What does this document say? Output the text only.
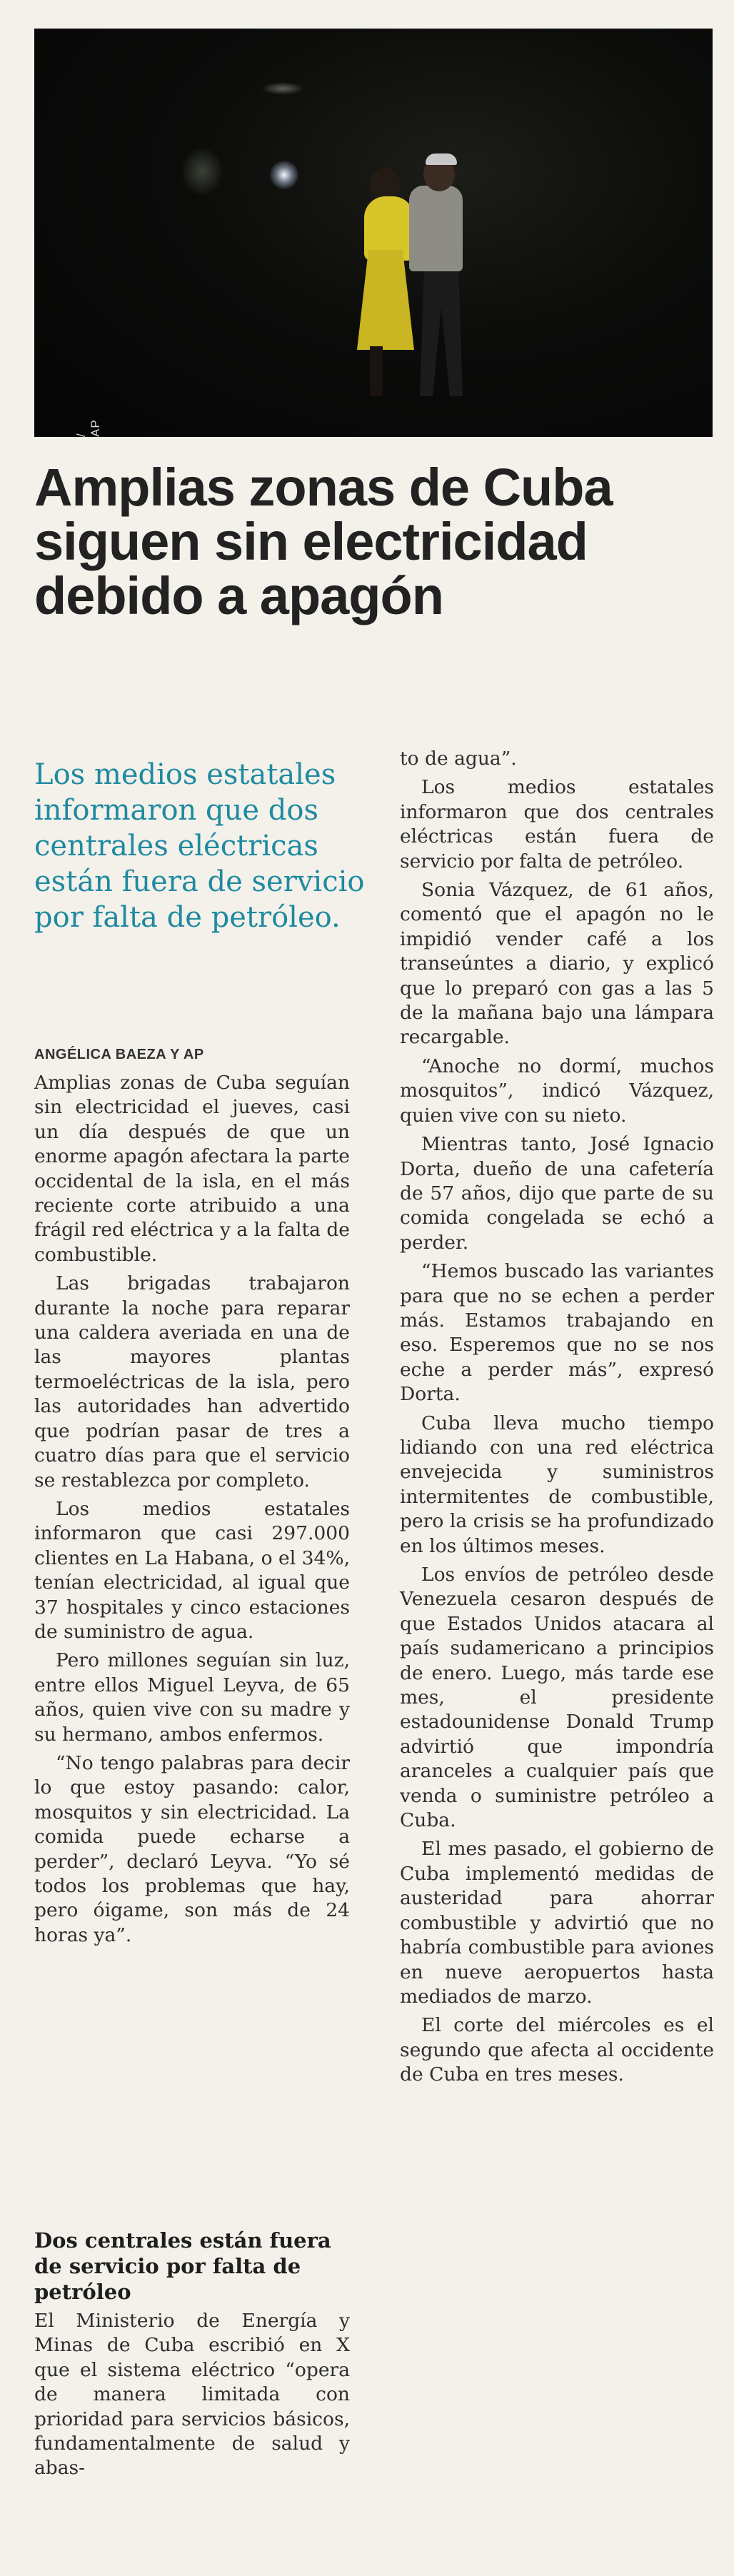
/ AP
Amplias zonas de Cuba siguen sin electricidad debido a apagón
Los medios estatales informaron que dos centrales eléctricas están fuera de servicio por falta de petróleo.
ANGÉLICA BAEZA Y AP

Amplias zonas de Cuba seguían sin electricidad el jueves, casi un día después de que un enorme apagón afectara la parte occidental de la isla, en el más reciente corte atribuido a una frágil red eléctrica y a la falta de combustible.

Las brigadas trabajaron durante la noche para reparar una caldera averiada en una de las mayores plantas termoeléctricas de la isla, pero las autoridades han advertido que podrían pasar de tres a cuatro días para que el servicio se restablezca por completo.

Los medios estatales informaron que casi 297.000 clientes en La Habana, o el 34%, tenían electricidad, al igual que 37 hospitales y cinco estaciones de suministro de agua.

Pero millones seguían sin luz, entre ellos Miguel Leyva, de 65 años, quien vive con su madre y su hermano, ambos enfermos.

“No tengo palabras para decir lo que estoy pasando: calor, mosquitos y sin electricidad. La comida puede echarse a perder”, declaró Leyva. “Yo sé todos los problemas que hay, pero óigame, son más de 24 horas ya”.

Dos centrales están fuera de servicio por falta de petróleo

El Ministerio de Energía y Minas de Cuba escribió en X que el sistema eléctrico “opera de manera limitada con prioridad para servicios básicos, fundamentalmente de salud y abas-

to de agua”.

Los medios estatales informaron que dos centrales eléctricas están fuera de servicio por falta de petróleo.

Sonia Vázquez, de 61 años, comentó que el apagón no le impidió vender café a los transeúntes a diario, y explicó que lo preparó con gas a las 5 de la mañana bajo una lámpara recargable.

“Anoche no dormí, muchos mosquitos”, indicó Vázquez, quien vive con su nieto.

Mientras tanto, José Ignacio Dorta, dueño de una cafetería de 57 años, dijo que parte de su comida congelada se echó a perder.

“Hemos buscado las variantes para que no se echen a perder más. Estamos trabajando en eso. Esperemos que no se nos eche a perder más”, expresó Dorta.

Cuba lleva mucho tiempo lidiando con una red eléctrica envejecida y suministros intermitentes de combustible, pero la crisis se ha profundizado en los últimos meses.

Los envíos de petróleo desde Venezuela cesaron después de que Estados Unidos atacara al país sudamericano a principios de enero. Luego, más tarde ese mes, el presidente estadounidense Donald Trump advirtió que impondría aranceles a cualquier país que venda o suministre petróleo a Cuba.

El mes pasado, el gobierno de Cuba implementó medidas de austeridad para ahorrar combustible y advirtió que no habría combustible para aviones en nueve aeropuertos hasta mediados de marzo.

El corte del miércoles es el segundo que afecta al occidente de Cuba en tres meses.
